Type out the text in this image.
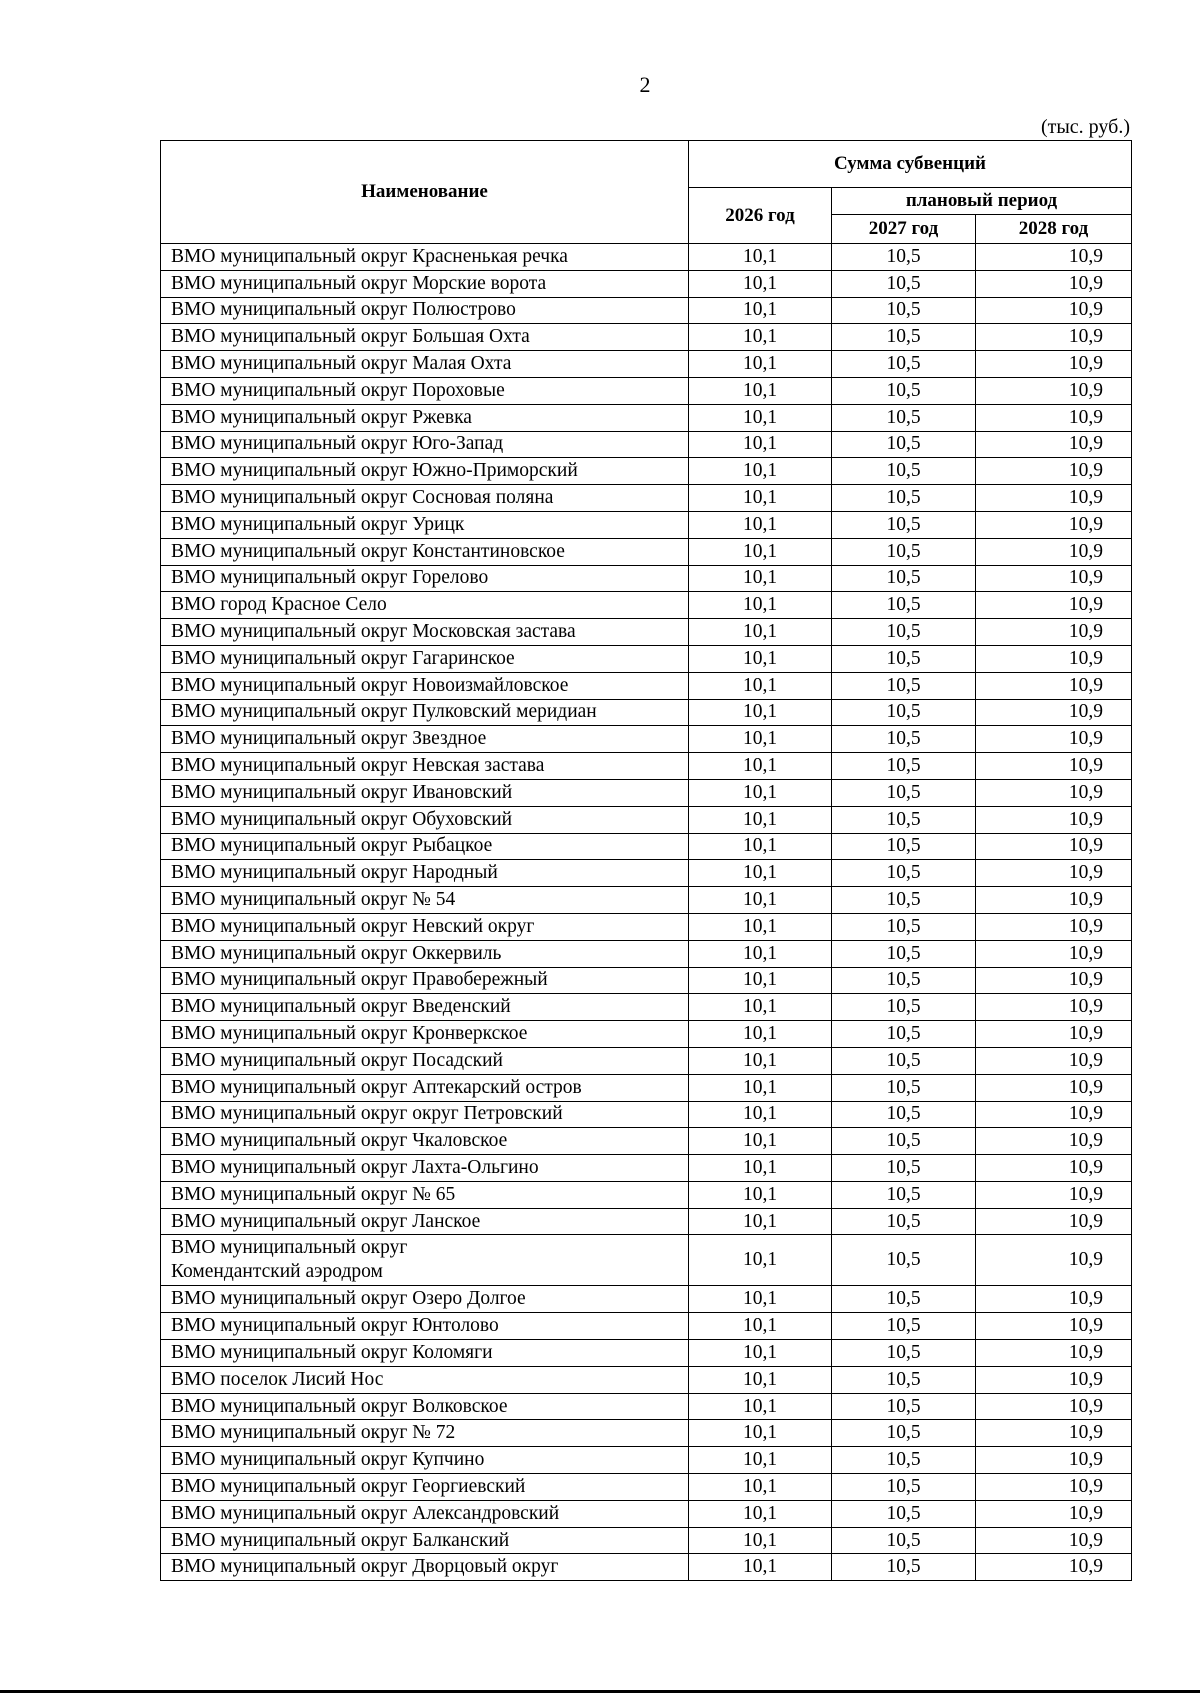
2
(тыс. руб.)
Наименование	Сумма субвенций		
	2026 год	плановый период	
		2027 год	2028 год
ВМО муниципальный округ Красненькая речка	10,1	10,5	10,9
ВМО муниципальный округ Морские ворота	10,1	10,5	10,9
ВМО муниципальный округ Полюстрово	10,1	10,5	10,9
ВМО муниципальный округ Большая Охта	10,1	10,5	10,9
ВМО муниципальный округ Малая Охта	10,1	10,5	10,9
ВМО муниципальный округ Пороховые	10,1	10,5	10,9
ВМО муниципальный округ Ржевка	10,1	10,5	10,9
ВМО муниципальный округ Юго-Запад	10,1	10,5	10,9
ВМО муниципальный округ Южно-Приморский	10,1	10,5	10,9
ВМО муниципальный округ Сосновая поляна	10,1	10,5	10,9
ВМО муниципальный округ Урицк	10,1	10,5	10,9
ВМО муниципальный округ Константиновское	10,1	10,5	10,9
ВМО муниципальный округ Горелово	10,1	10,5	10,9
ВМО город Красное Село	10,1	10,5	10,9
ВМО муниципальный округ Московская застава	10,1	10,5	10,9
ВМО муниципальный округ Гагаринское	10,1	10,5	10,9
ВМО муниципальный округ Новоизмайловское	10,1	10,5	10,9
ВМО муниципальный округ Пулковский меридиан	10,1	10,5	10,9
ВМО муниципальный округ Звездное	10,1	10,5	10,9
ВМО муниципальный округ Невская застава	10,1	10,5	10,9
ВМО муниципальный округ Ивановский	10,1	10,5	10,9
ВМО муниципальный округ Обуховский	10,1	10,5	10,9
ВМО муниципальный округ Рыбацкое	10,1	10,5	10,9
ВМО муниципальный округ Народный	10,1	10,5	10,9
ВМО муниципальный округ № 54	10,1	10,5	10,9
ВМО муниципальный округ Невский округ	10,1	10,5	10,9
ВМО муниципальный округ Оккервиль	10,1	10,5	10,9
ВМО муниципальный округ Правобережный	10,1	10,5	10,9
ВМО муниципальный округ Введенский	10,1	10,5	10,9
ВМО муниципальный округ Кронверкское	10,1	10,5	10,9
ВМО муниципальный округ Посадский	10,1	10,5	10,9
ВМО муниципальный округ Аптекарский остров	10,1	10,5	10,9
ВМО муниципальный округ округ Петровский	10,1	10,5	10,9
ВМО муниципальный округ Чкаловское	10,1	10,5	10,9
ВМО муниципальный округ Лахта-Ольгино	10,1	10,5	10,9
ВМО муниципальный округ № 65	10,1	10,5	10,9
ВМО муниципальный округ Ланское	10,1	10,5	10,9
ВМО муниципальный округ
Комендантский аэродром	10,1	10,5	10,9
ВМО муниципальный округ Озеро Долгое	10,1	10,5	10,9
ВМО муниципальный округ Юнтолово	10,1	10,5	10,9
ВМО муниципальный округ Коломяги	10,1	10,5	10,9
ВМО поселок Лисий Нос	10,1	10,5	10,9
ВМО муниципальный округ Волковское	10,1	10,5	10,9
ВМО муниципальный округ № 72	10,1	10,5	10,9
ВМО муниципальный округ Купчино	10,1	10,5	10,9
ВМО муниципальный округ Георгиевский	10,1	10,5	10,9
ВМО муниципальный округ Александровский	10,1	10,5	10,9
ВМО муниципальный округ Балканский	10,1	10,5	10,9
ВМО муниципальный округ Дворцовый округ	10,1	10,5	10,9
